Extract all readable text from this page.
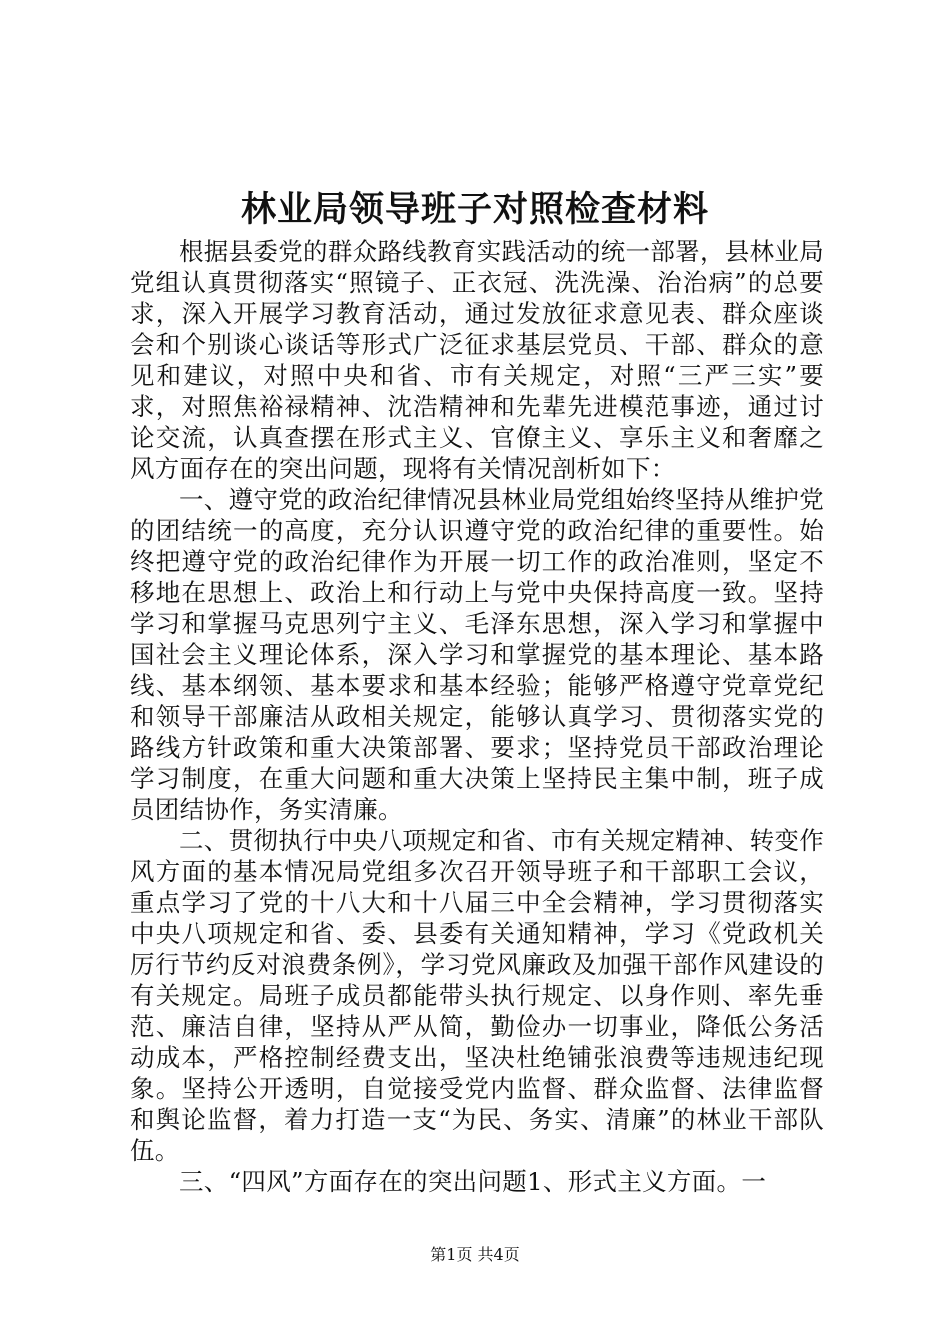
林业局领导班子对照检查材料

根据县委党的群众路线教育实践活动的统一部署，县林业局党组认真贯彻落实“照镜子、正衣冠、洗洗澡、治治病”的总要求，深入开展学习教育活动，通过发放征求意见表、群众座谈会和个别谈心谈话等形式广泛征求基层党员、干部、群众的意见和建议，对照中央和省、市有关规定，对照“三严三实”要求，对照焦裕禄精神、沈浩精神和先辈先进模范事迹，通过讨论交流，认真查摆在形式主义、官僚主义、享乐主义和奢靡之风方面存在的突出问题，现将有关情况剖析如下：

一、遵守党的政治纪律情况县林业局党组始终坚持从维护党的团结统一的高度，充分认识遵守党的政治纪律的重要性。始终把遵守党的政治纪律作为开展一切工作的政治准则，坚定不移地在思想上、政治上和行动上与党中央保持高度一致。坚持学习和掌握马克思列宁主义、毛泽东思想，深入学习和掌握中国社会主义理论体系，深入学习和掌握党的基本理论、基本路线、基本纲领、基本要求和基本经验；能够严格遵守党章党纪和领导干部廉洁从政相关规定，能够认真学习、贯彻落实党的路线方针政策和重大决策部署、要求；坚持党员干部政治理论学习制度，在重大问题和重大决策上坚持民主集中制，班子成员团结协作，务实清廉。

二、贯彻执行中央八项规定和省、市有关规定精神、转变作风方面的基本情况局党组多次召开领导班子和干部职工会议，重点学习了党的十八大和十八届三中全会精神，学习贯彻落实中央八项规定和省、委、县委有关通知精神，学习《党政机关厉行节约反对浪费条例》，学习党风廉政及加强干部作风建设的有关规定。局班子成员都能带头执行规定、以身作则、率先垂范、廉洁自律，坚持从严从简，勤俭办一切事业，降低公务活动成本，严格控制经费支出，坚决杜绝铺张浪费等违规违纪现象。坚持公开透明，自觉接受党内监督、群众监督、法律监督和舆论监督，着力打造一支“为民、务实、清廉”的林业干部队伍。

三、“四风”方面存在的突出问题1、形式主义方面。一

第1页 共4页
